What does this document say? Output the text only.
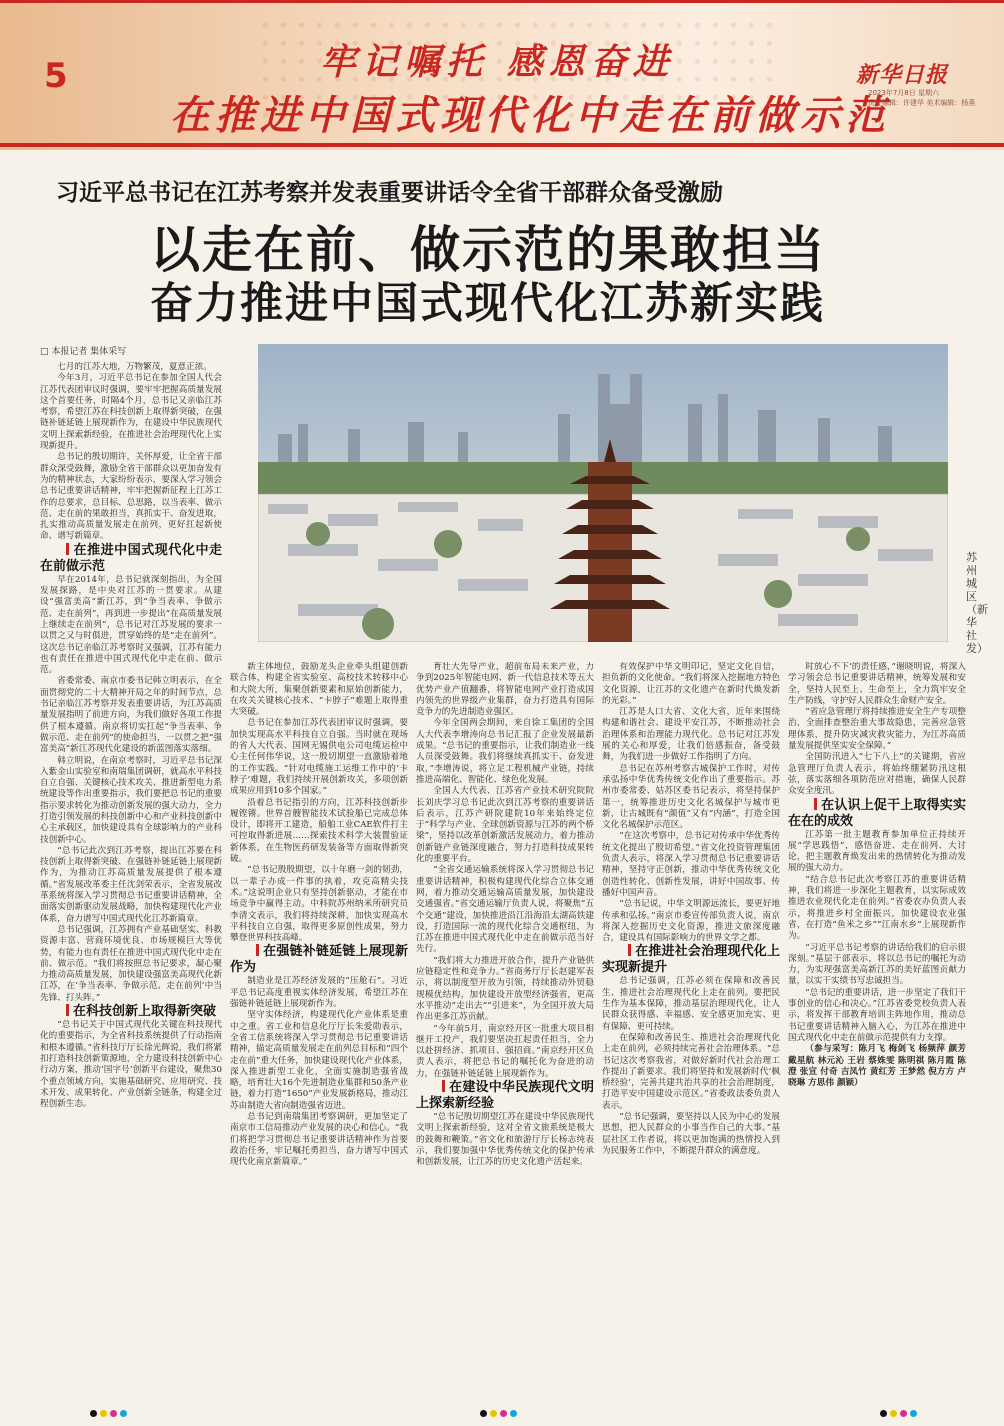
5	牢记嘱托 感恩奋进
在推进中国式现代化中走在前做示范
新华日报
2023年7月8日 星期六
责任编辑：许建华 美术编辑：杨燕
习近平总书记在江苏考察并发表重要讲话令全省干部群众备受激励
以走在前、做示范的果敢担当
奋力推进中国式现代化江苏新实践
苏州城区（新华社发）
□ 本报记者 集体采写

七月的江苏大地，万物繁茂，夏意正浓。

今年3月，习近平总书记在参加全国人代会江苏代表团审议时强调，要牢牢把握高质量发展这个首要任务，时隔4个月，总书记又亲临江苏考察，希望江苏在科技创新上取得新突破，在强链补链延链上展现新作为，在建设中华民族现代文明上探索新经验，在推进社会治理现代化上实现新提升。

总书记的殷切期许，关怀厚爱，让全省干部群众深受鼓舞，激励全省干部群众以更加奋发有为的精神状态，大家纷纷表示，要深入学习领会总书记重要讲话精神，牢牢把握新征程上江苏工作的总要求，总目标、总思路，以当表率、做示范、走在前的果敢担当，真抓实干、奋发进取，扎实推动高质量发展走在前列，更好扛起新使命、谱写新篇章。

在推进中国式现代化中走在前做示范

早在2014年，总书记就深刻指出，为全国发展探路，是中央对江苏的一贯要求。从建设“强富美高”新江苏，到“争当表率、争做示范、走在前列”，再到进一步提出“在高质量发展上继续走在前列”，总书记对江苏发展的要求一以贯之又与时俱进，贯穿始终的是“走在前列”。这次总书记亲临江苏考察时又强调，江苏有能力也有责任在推进中国式现代化中走在前、做示范。

省委常委、南京市委书记韩立明表示，在全面贯彻党的二十大精神开局之年的时间节点，总书记亲临江苏考察并发表重要讲话，为江苏高质量发展指明了前进方向，为我们做好各项工作提供了根本遵循。南京将切实扛起“争当表率、争做示范、走在前列”的使命担当，一以贯之把“强富美高”新江苏现代化建设的新蓝图落实落细。

韩立明说，在南京考察时，习近平总书记深入紫金山实验室和南瑞集团调研，就高水平科技自立自强、关键核心技术攻关、推进新型电力系统建设等作出重要指示，我们要把总书记的重要指示要求转化为推动创新发展的强大动力，全力打造引领发展的科技创新中心和产业科技创新中心主承载区，加快建设具有全球影响力的产业科技创新中心。

“总书记此次到江苏考察，提出江苏要在科技创新上取得新突破、在强链补链延链上展现新作为，为推动江苏高质量发展提供了根本遵循。”省发展改革委主任沈剑荣表示，全省发展改革系统将深入学习贯彻总书记重要讲话精神，全面落实创新驱动发展战略，加快构建现代化产业体系，奋力谱写中国式现代化江苏新篇章。

总书记强调，江苏拥有产业基础坚实、科教资源丰富、营商环境优良、市场规模巨大等优势，有能力也有责任在推进中国式现代化中走在前、做示范。“我们将按照总书记要求，凝心聚力推动高质量发展，加快建设强富美高现代化新江苏，在‘争当表率、争做示范、走在前列’中当先锋、打头阵。”

在科技创新上取得新突破

“总书记关于中国式现代化关键在科技现代化的重要指示，为全省科技系统提供了行动指南和根本遵循。”省科技厅厅长徐光辉说，我们将紧扣打造科技创新策源地，全力建设科技创新中心行动方案，推动‘国字号’创新平台建设，聚焦30个重点领域方向，实施基础研究、应用研究、技术开发、成果转化、产业创新全链条，构建全过程创新生态。

新主体地位，鼓励龙头企业牵头组建创新联合体，构建全省实验室、高校技术转移中心和大院大所，集聚创新要素和原始创新能力，在攻关关键核心技术、“卡脖子”难题上取得重大突破。

总书记在参加江苏代表团审议时强调，要加快实现高水平科技自立自强。当时就在现场的省人大代表、国网无锡供电公司电缆运检中心主任何伟华说，这一殷切期望一直激励着地的工作实践。“针对电缆施工运维工作中的‘卡脖子’难题，我们持续开展创新攻关，多项创新成果应用到10多个国家。”

沿着总书记指引的方向，江苏科技创新步履铿锵。世界首艘智能技术试验船已完成总体设计，即将开工建造，船舶工业CAE软件打主可控取得新进展……探索技术科学大装置验证新体系，在生物医药研发装备等方面取得新突破。

“总书记殷殷期望，以十年磨一剑的韧劲，以一辈子办成一件事的执着，攻克高精尖技术。”这说明企业只有坚持创新驱动，才能在市场竞争中赢得主动。中科院苏州纳米所研究员李清文表示，我们将持续深耕，加快实现高水平科技自立自强，取得更多原创性成果，努力攀登世界科技高峰。

在强链补链延链上展现新作为

制造业是江苏经济发展的“压舱石”。习近平总书记高度重视实体经济发展，希望江苏在强链补链延链上展现新作为。

坚守实体经济，构建现代化产业体系是重中之重。省工业和信息化厅厅长朱爱勋表示，全省工信系统将深入学习贯彻总书记重要讲话精神，锚定高质量发展走在前列总目标和“四个走在前”重大任务，加快建设现代化产业体系，深入推进新型工业化，全面实施制造强省战略，培育壮大16个先进制造业集群和50条产业链，着力打造“1650”产业发展新格局，推动江苏由制造大省向制造强省迈进。

总书记到南瑞集团考察调研，更加坚定了南京市工信局推动产业发展的决心和信心。“我们将把学习贯彻总书记重要讲话精神作为首要政治任务，牢记嘱托勇担当，奋力谱写中国式现代化南京新篇章。”

育壮大先导产业，超前布局未来产业，力争到2025年智能电网、新一代信息技术等五大优势产业产值翻番，将智能电网产业打造成国内领先的世界级产业集群，奋力打造具有国际竞争力的先进制造业强区。

今年全国两会期间，来自徐工集团的全国人大代表李增涛向总书记汇报了企业发展最新成果。“总书记的重要指示，让我们制造业一线人员深受鼓舞。我们将继续真抓实干、奋发进取，”李增涛说，将立足工程机械产业链，持续推进高端化、智能化、绿色化发展。

全国人大代表、江苏省产业技术研究院院长刘庆学习总书记此次到江苏考察的重要讲话后表示，江苏产研院建院10年来始终定位于“科学与产业、全球创新资源与江苏的两个桥梁”，坚持以改革创新激活发展动力，着力推动创新链产业链深度融合，努力打造科技成果转化的重要平台。

“全省交通运输系统将深入学习贯彻总书记重要讲话精神，积极构建现代化综合立体交通网，着力推动交通运输高质量发展，加快建设交通强省。”省交通运输厅负责人说，将聚焦“五个交通”建设，加快推进沿江沿海沿太湖高铁建设，打造国际一流的现代化综合交通枢纽，为江苏在推进中国式现代化中走在前做示范当好先行。

“我们将大力推进开放合作，提升产业链供应链稳定性和竞争力。”省商务厅厅长赵建军表示，将以制度型开放为引领，持续推动外贸稳规模优结构，加快建设开放型经济强省，更高水平推动“走出去”“引进来”，为全国开放大局作出更多江苏贡献。

“今年前5月，南京经开区一批重大项目相继开工投产，我们要坚决扛起责任担当，全力以赴拼经济、抓项目、强招商。”南京经开区负责人表示，将把总书记的嘱托化为奋进的动力，在强链补链延链上展现新作为。

在建设中华民族现代文明上探索新经验

“总书记殷切期望江苏在建设中华民族现代文明上探索新经验，这对全省文旅系统是极大的鼓舞和鞭策。”省文化和旅游厅厅长杨志纯表示，我们要加强中华优秀传统文化的保护传承和创新发展，让江苏的历史文化遗产活起来。

有效保护中华文明印记，坚定文化自信，担负新的文化使命。“我们将深入挖掘地方特色文化资源，让江苏的文化遗产在新时代焕发新的光彩。”

江苏是人口大省、文化大省，近年来围绕构建和谐社会、建设平安江苏，不断推动社会治理体系和治理能力现代化。总书记对江苏发展的关心和厚爱，让我们倍感振奋，备受鼓舞，为我们进一步做好工作指明了方向。

总书记在苏州考察古城保护工作时，对传承弘扬中华优秀传统文化作出了重要指示。苏州市委常委、姑苏区委书记表示，将坚持保护第一，统筹推进历史文化名城保护与城市更新，让古城既有“颜值”又有“内涵”，打造全国文化名城保护示范区。

“在这次考察中，总书记对传承中华优秀传统文化提出了殷切希望。”省文化投资管理集团负责人表示，将深入学习贯彻总书记重要讲话精神，坚持守正创新，推动中华优秀传统文化创造性转化、创新性发展，讲好中国故事、传播好中国声音。

“总书记说，中华文明源远流长，要更好地传承和弘扬。”南京市委宣传部负责人说，南京将深入挖掘历史文化资源，推进文旅深度融合，建设具有国际影响力的世界文学之都。

在推进社会治理现代化上实现新提升

总书记强调，江苏必须在保障和改善民生、推进社会治理现代化上走在前列。要把民生作为基本保障，推动基层治理现代化，让人民群众获得感、幸福感、安全感更加充实、更有保障、更可持续。

在保障和改善民生、推进社会治理现代化上走在前列，必须持续完善社会治理体系。“总书记这次考察我省，对做好新时代社会治理工作提出了新要求。我们将坚持和发展新时代‘枫桥经验’，完善共建共治共享的社会治理制度，打造平安中国建设示范区。”省委政法委负责人表示。

“总书记强调，要坚持以人民为中心的发展思想，把人民群众的小事当作自己的大事。”基层社区工作者说，将以更加饱满的热情投入到为民服务工作中，不断提升群众的满意度。

时放心不下‘的责任感，”谢晓明说，将深入学习领会总书记重要讲话精神，统筹发展和安全，坚持人民至上、生命至上，全力筑牢安全生产防线，守护好人民群众生命财产安全。

“省应急管理厅将持续推进安全生产专项整治，全面排查整治重大事故隐患，完善应急管理体系，提升防灾减灾救灾能力，为江苏高质量发展提供坚实安全保障。”

全国防汛进入“七下八上”的关键期，省应急管理厅负责人表示，将始终绷紧防汛这根弦，落实落细各项防范应对措施，确保人民群众安全度汛。

在认识上促干上取得实实在在的成效

江苏第一批主题教育参加单位正持续开展“学思践悟”，感悟奋进、走在前列、大讨论，把主题教育焕发出来的热情转化为推动发展的强大动力。

“结合总书记此次考察江苏的重要讲话精神，我们将进一步深化主题教育，以实际成效推进农业现代化走在前列。”省委农办负责人表示，将推进乡村全面振兴，加快建设农业强省，在打造“鱼米之乡”“江南水乡”上展现新作为。

“习近平总书记考察的讲话给我们的启示很深刻。”基层干部表示，将以总书记的嘱托为动力，为实现强富美高新江苏的美好蓝图贡献力量，以实干实绩书写忠诚担当。

“总书记的重要讲话，进一步坚定了我们干事创业的信心和决心。”江苏省委党校负责人表示，将发挥干部教育培训主阵地作用，推动总书记重要讲话精神入脑入心，为江苏在推进中国式现代化中走在前做示范提供有力支撑。

（参与采写：陈月飞 梅剑飞 杨频萍 颜芳 戴星航 林元沁 王岩 蔡姝雯 陈明祺 陈月霞 陈澄 张宣 付奇 吉凤竹 黄红芳 王梦然 倪方方 卢晓琳 方思伟 颜颖）
